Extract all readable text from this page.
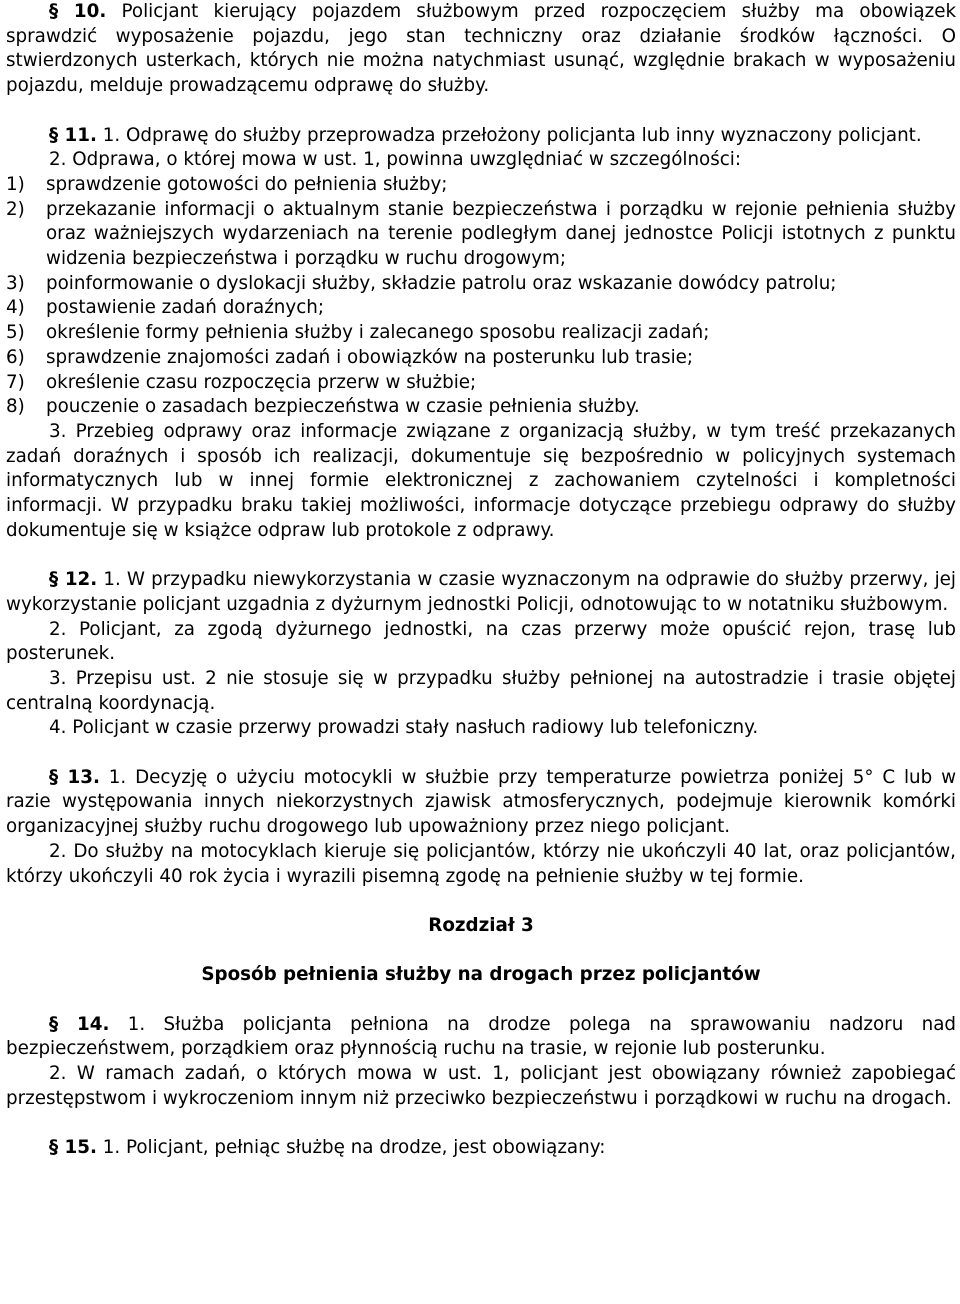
§ 10. Policjant kierujący pojazdem służbowym przed rozpoczęciem służby ma obowiązek sprawdzić wyposażenie pojazdu, jego stan techniczny oraz działanie środków łączności. O stwierdzonych usterkach, których nie można natychmiast usunąć, względnie brakach w wyposażeniu pojazdu, melduje prowadzącemu odprawę do służby.

§ 11. 1. Odprawę do służby przeprowadza przełożony policjanta lub inny wyznaczony policjant.

2. Odprawa, o której mowa w ust. 1, powinna uwzględniać w szczególności:

1)	sprawdzenie gotowości do pełnienia służby;
2)	przekazanie informacji o aktualnym stanie bezpieczeństwa i porządku w rejonie pełnienia służby oraz ważniejszych wydarzeniach na terenie podległym danej jednostce Policji istotnych z punktu widzenia bezpieczeństwa i porządku w ruchu drogowym;
3)	poinformowanie o dyslokacji służby, składzie patrolu oraz wskazanie dowódcy patrolu;
4)	postawienie zadań doraźnych;
5)	określenie formy pełnienia służby i zalecanego sposobu realizacji zadań;
6)	sprawdzenie znajomości zadań i obowiązków na posterunku lub trasie;
7)	określenie czasu rozpoczęcia przerw w służbie;
8)	pouczenie o zasadach bezpieczeństwa w czasie pełnienia służby.

3. Przebieg odprawy oraz informacje związane z organizacją służby, w tym treść przekazanych zadań doraźnych i sposób ich realizacji, dokumentuje się bezpośrednio w policyjnych systemach informatycznych lub w innej formie elektronicznej z zachowaniem czytelności i kompletności informacji. W przypadku braku takiej możliwości, informacje dotyczące przebiegu odprawy do służby dokumentuje się w książce odpraw lub protokole z odprawy.

§ 12. 1. W przypadku niewykorzystania w czasie wyznaczonym na odprawie do służby przerwy, jej wykorzystanie policjant uzgadnia z dyżurnym jednostki Policji, odnotowując to w notatniku służbowym.

2. Policjant, za zgodą dyżurnego jednostki, na czas przerwy może opuścić rejon, trasę lub posterunek.

3. Przepisu ust. 2 nie stosuje się w przypadku służby pełnionej na autostradzie i trasie objętej centralną koordynacją.

4. Policjant w czasie przerwy prowadzi stały nasłuch radiowy lub telefoniczny.

§ 13. 1. Decyzję o użyciu motocykli w służbie przy temperaturze powietrza poniżej 5° C lub w razie występowania innych niekorzystnych zjawisk atmosferycznych, podejmuje kierownik komórki organizacyjnej służby ruchu drogowego lub upoważniony przez niego policjant.

2. Do służby na motocyklach kieruje się policjantów, którzy nie ukończyli 40 lat, oraz policjantów, którzy ukończyli 40 rok życia i wyrazili pisemną zgodę na pełnienie służby w tej formie.

Rozdział 3

Sposób pełnienia służby na drogach przez policjantów

§ 14. 1. Służba policjanta pełniona na drodze polega na sprawowaniu nadzoru nad bezpieczeństwem, porządkiem oraz płynnością ruchu na trasie, w rejonie lub posterunku.

2. W ramach zadań, o których mowa w ust. 1, policjant jest obowiązany również zapobiegać przestępstwom i wykroczeniom innym niż przeciwko bezpieczeństwu i porządkowi w ruchu na drogach.

§ 15. 1. Policjant, pełniąc służbę na drodze, jest obowiązany:
